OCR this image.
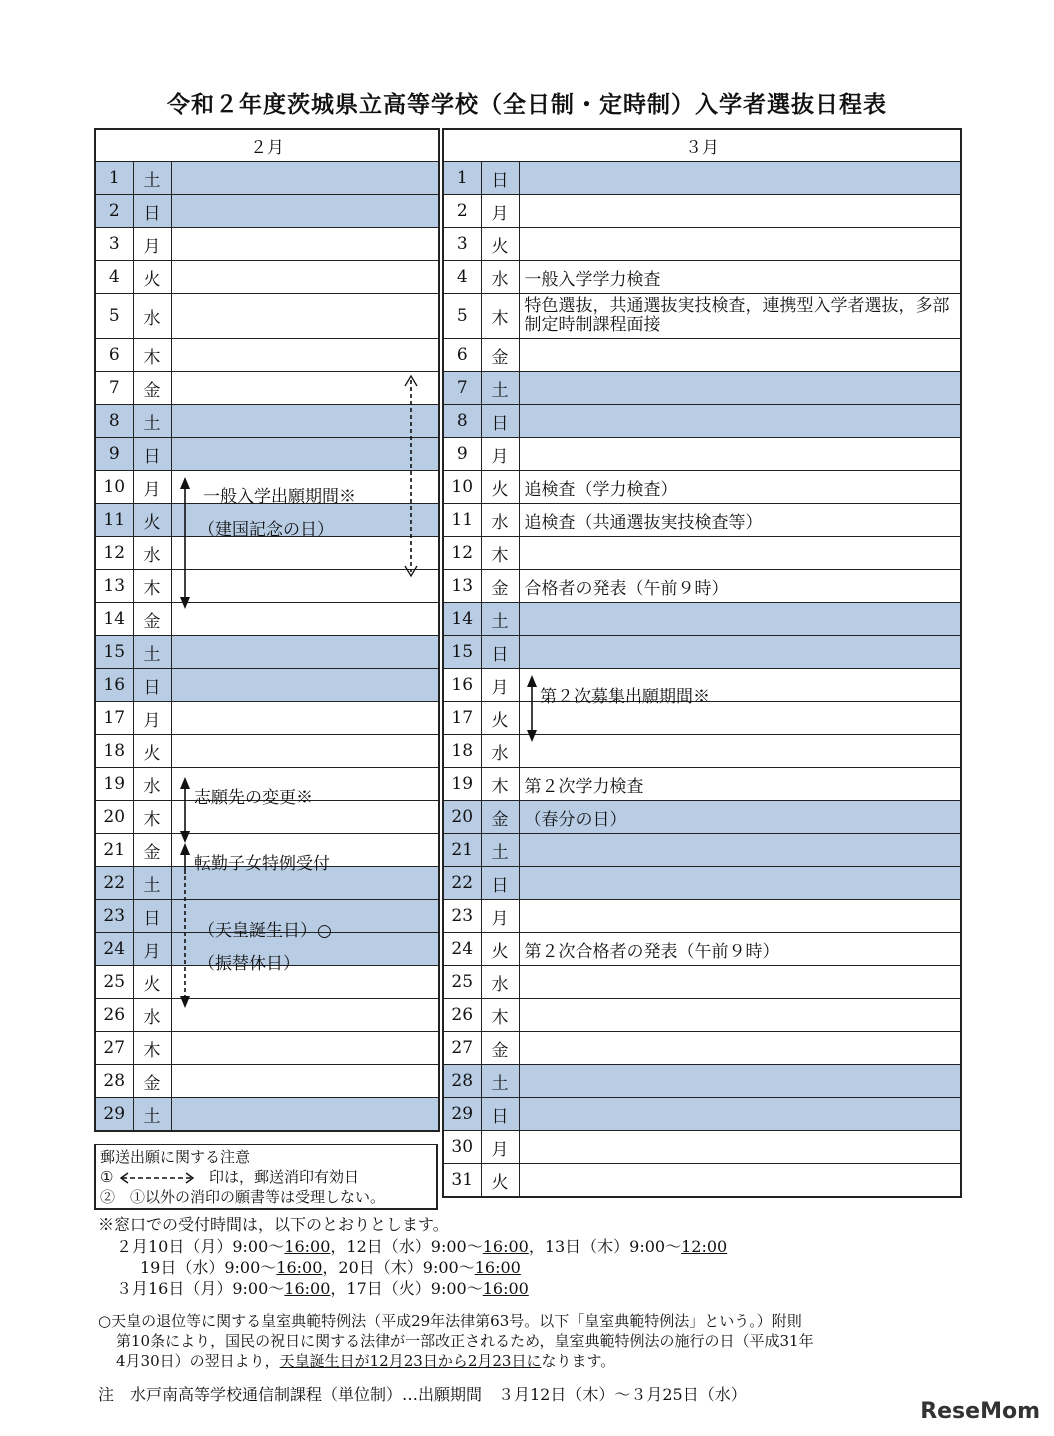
令和２年度茨城県立高等学校（全日制・定時制）入学者選抜日程表
２月		
1	土	
2	日	
3	月	
4	火	
5	水	
6	木	
7	金	
8	土	
9	日	
10	月	
11	火	
12	水	
13	木	
14	金	
15	土	
16	日	
17	月	
18	火	
19	水	
20	木	
21	金	
22	土	
23	日	
24	月	
25	火	
26	水	
27	木	
28	金	
29	土	
３月		
1	日	
2	月	
3	火	
4	水	一般入学学力検査
5	木	特色選抜，共通選抜実技検査，連携型入学者選抜，多部制定時制課程面接
6	金	
7	土	
8	日	
9	月	
10	火	追検査（学力検査）
11	水	追検査（共通選抜実技検査等）
12	木	
13	金	合格者の発表（午前９時）
14	土	
15	日	
16	月	
17	火	
18	水	
19	木	第２次学力検査
20	金	（春分の日）
21	土	
22	日	
23	月	
24	火	第２次合格者の発表（午前９時）
25	水	
26	木	
27	金	
28	土	
29	日	
30	月	
31	火	
一般入学出願期間※
（建国記念の日）
志願先の変更※
転勤子女特例受付
（天皇誕生日）○
（振替休日）
第２次募集出願期間※
郵送出願に関する注意
①	印は，郵送消印有効日
②　①以外の消印の願書等は受理しない。
※窓口での受付時間は，以下のとおりとします。
２月10日（月）9:00〜16:00，12日（水）9:00〜16:00，13日（木）9:00〜12:00
19日（水）9:00〜16:00，20日（木）9:00〜16:00
３月16日（月）9:00〜16:00，17日（火）9:00〜16:00
○天皇の退位等に関する皇室典範特例法（平成29年法律第63号。以下「皇室典範特例法」という。）附則
第10条により，国民の祝日に関する法律が一部改正されるため，皇室典範特例法の施行の日（平成31年
4月30日）の翌日より，天皇誕生日が12月23日から2月23日になります。
注　水戸南高等学校通信制課程（単位制）…出願期間　３月12日（木）〜３月25日（水）
ReseMom
